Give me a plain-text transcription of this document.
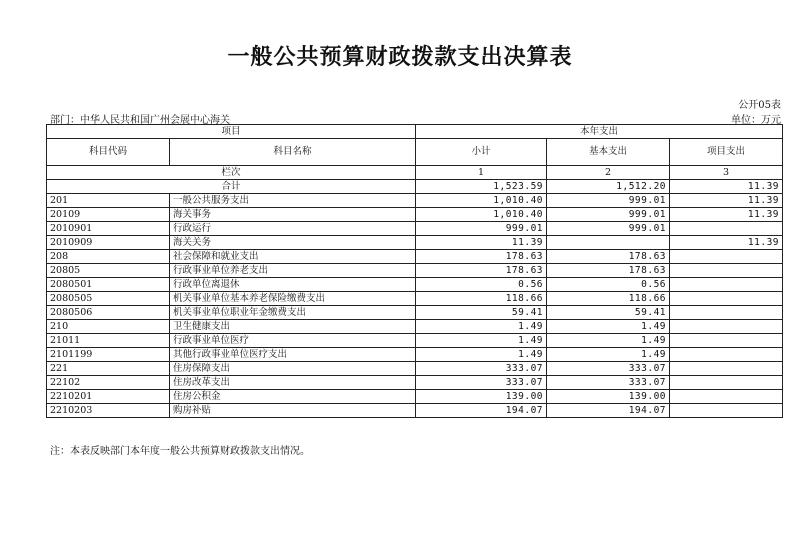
一般公共预算财政拨款支出决算表
公开05表
部门：中华人民共和国广州会展中心海关	单位：万元
项目		本年支出		
科目代码	科目名称	小计	基本支出	项目支出
栏次		1	2	3
合计		1,523.59	1,512.20	11.39
201	一般公共服务支出	1,010.40	999.01	11.39
20109	海关事务	1,010.40	999.01	11.39
2010901	行政运行	999.01	999.01	
2010909	海关关务	11.39		11.39
208	社会保障和就业支出	178.63	178.63	
20805	行政事业单位养老支出	178.63	178.63	
2080501	行政单位离退休	0.56	0.56	
2080505	机关事业单位基本养老保险缴费支出	118.66	118.66	
2080506	机关事业单位职业年金缴费支出	59.41	59.41	
210	卫生健康支出	1.49	1.49	
21011	行政事业单位医疗	1.49	1.49	
2101199	其他行政事业单位医疗支出	1.49	1.49	
221	住房保障支出	333.07	333.07	
22102	住房改革支出	333.07	333.07	
2210201	住房公积金	139.00	139.00	
2210203	购房补贴	194.07	194.07	
注：本表反映部门本年度一般公共预算财政拨款支出情况。
